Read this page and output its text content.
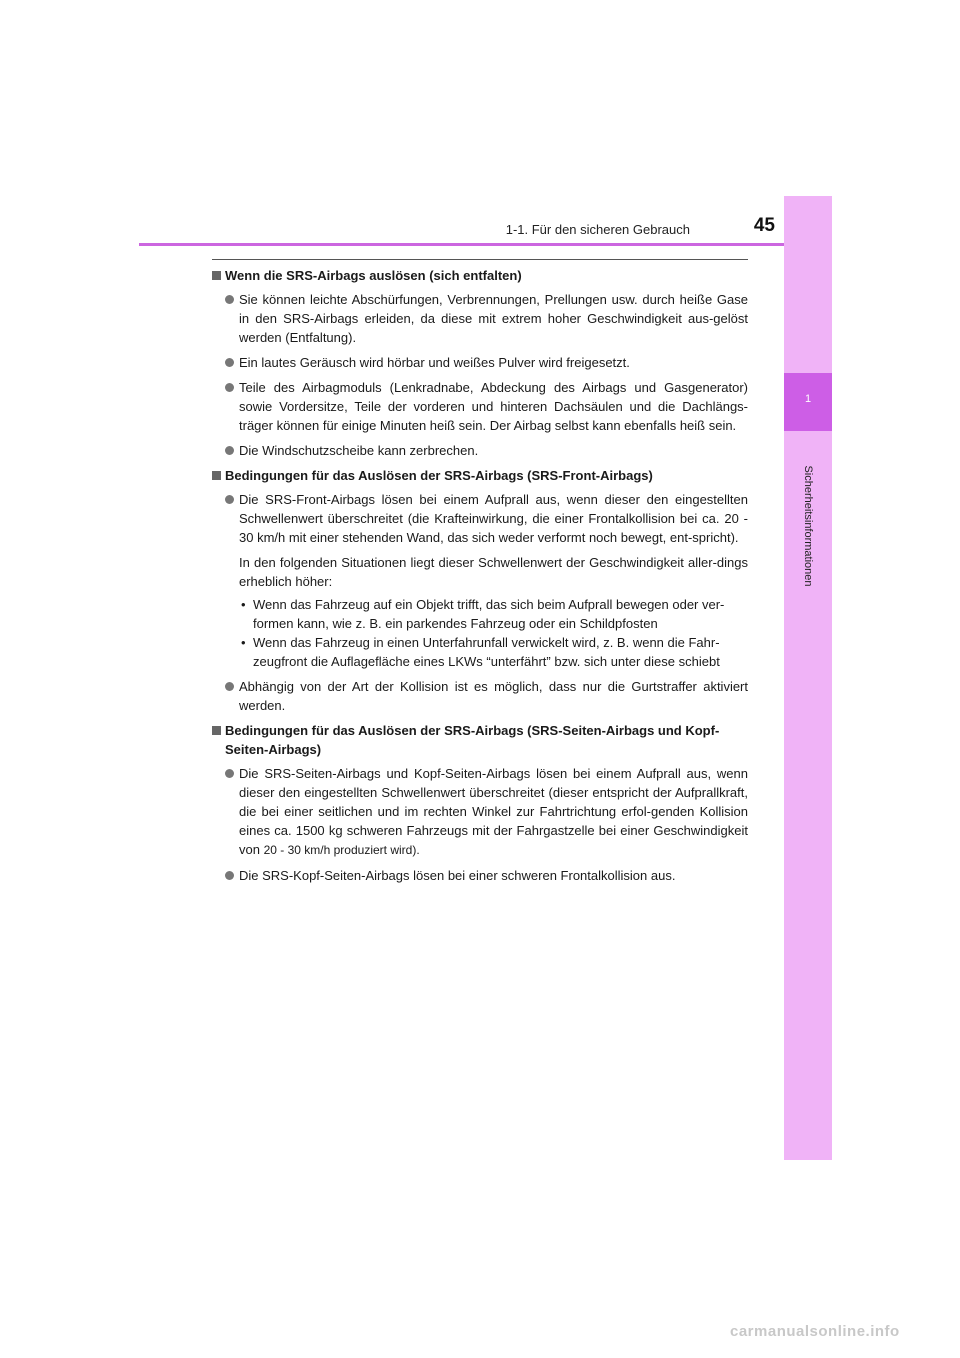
1-1. Für den sicheren Gebrauch	45
1
Sicherheitsinformationen
Wenn die SRS-Airbags auslösen (sich entfalten)
Sie können leichte Abschürfungen, Verbrennungen, Prellungen usw. durch heiße Gase in den SRS-Airbags erleiden, da diese mit extrem hoher Geschwindigkeit aus-gelöst werden (Entfaltung).
Ein lautes Geräusch wird hörbar und weißes Pulver wird freigesetzt.
Teile des Airbagmoduls (Lenkradnabe, Abdeckung des Airbags und Gasgenerator) sowie Vordersitze, Teile der vorderen und hinteren Dachsäulen und die Dachlängs-träger können für einige Minuten heiß sein. Der Airbag selbst kann ebenfalls heiß sein.
Die Windschutzscheibe kann zerbrechen.
Bedingungen für das Auslösen der SRS-Airbags (SRS-Front-Airbags)
Die SRS-Front-Airbags lösen bei einem Aufprall aus, wenn dieser den eingestellten Schwellenwert überschreitet (die Krafteinwirkung, die einer Frontalkollision bei ca. 20 - 30 km/h mit einer stehenden Wand, das sich weder verformt noch bewegt, ent-spricht).
In den folgenden Situationen liegt dieser Schwellenwert der Geschwindigkeit aller-dings erheblich höher:
• Wenn das Fahrzeug auf ein Objekt trifft, das sich beim Aufprall bewegen oder ver-formen kann, wie z. B. ein parkendes Fahrzeug oder ein Schildpfosten
• Wenn das Fahrzeug in einen Unterfahrunfall verwickelt wird, z. B. wenn die Fahr-zeugfront die Auflagefläche eines LKWs “unterfährt” bzw. sich unter diese schiebt
Abhängig von der Art der Kollision ist es möglich, dass nur die Gurtstraffer aktiviert werden.
Bedingungen für das Auslösen der SRS-Airbags (SRS-Seiten-Airbags und Kopf-Seiten-Airbags)
Die SRS-Seiten-Airbags und Kopf-Seiten-Airbags lösen bei einem Aufprall aus, wenn dieser den eingestellten Schwellenwert überschreitet (dieser entspricht der Aufprallkraft, die bei einer seitlichen und im rechten Winkel zur Fahrtrichtung erfol-genden Kollision eines ca. 1500 kg schweren Fahrzeugs mit der Fahrgastzelle bei einer Geschwindigkeit von 20 - 30 km/h produziert wird).
Die SRS-Kopf-Seiten-Airbags lösen bei einer schweren Frontalkollision aus.
carmanualsonline.info
